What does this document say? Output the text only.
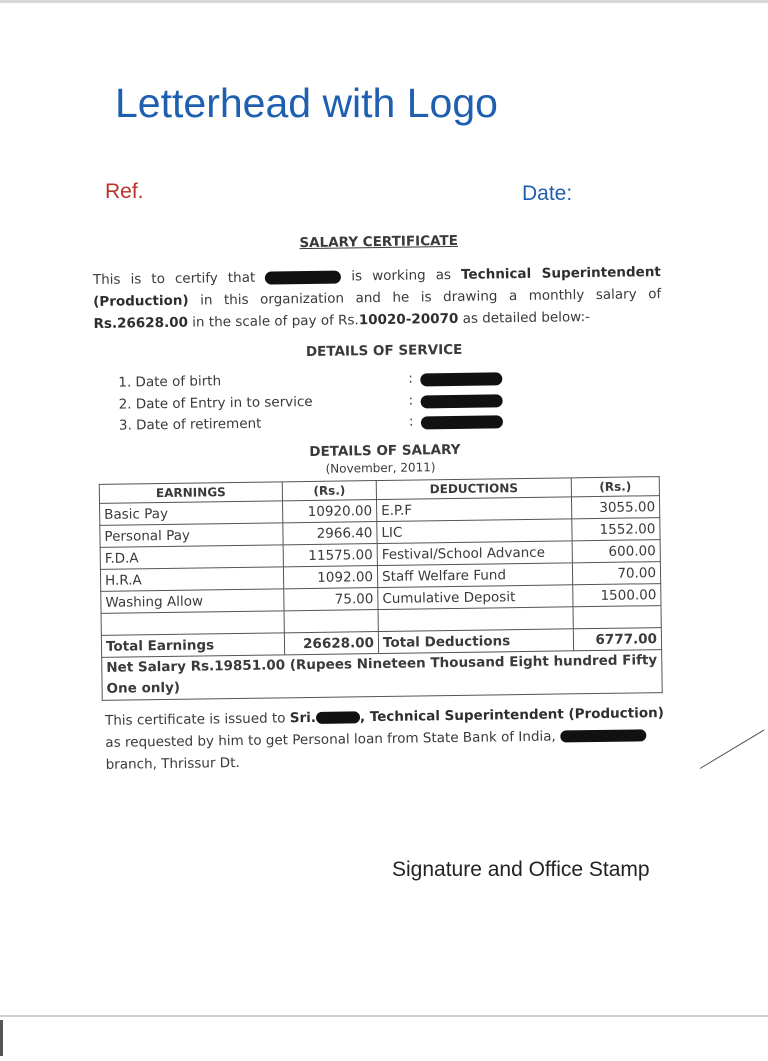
Letterhead with Logo
Ref.	Date:
SALARY CERTIFICATE
This is to certify that	is working as Technical Superintendent (Production) in this organization and he is drawing a monthly salary of Rs.26628.00 in the scale of pay of Rs.10020-20070 as detailed below:-
DETAILS OF SERVICE
1. Date of birth	:
2. Date of Entry in to service	:
3. Date of retirement	:
DETAILS OF SALARY
(November, 2011)
EARNINGS	(Rs.)	DEDUCTIONS	(Rs.)
Basic Pay	10920.00	E.P.F	3055.00
Personal Pay	2966.40	LIC	1552.00
F.D.A	11575.00	Festival/School Advance	600.00
H.R.A	1092.00	Staff Welfare Fund	70.00
Washing Allow	75.00	Cumulative Deposit	1500.00

Total Earnings	26628.00	Total Deductions	6777.00
Net Salary Rs.19851.00 (Rupees Nineteen Thousand Eight hundred Fifty One only)			
This certificate is issued to Sri.	, Technical Superintendent (Production) as requested by him to get Personal loan from State Bank of India,  branch, Thrissur Dt.
Signature and Office Stamp
